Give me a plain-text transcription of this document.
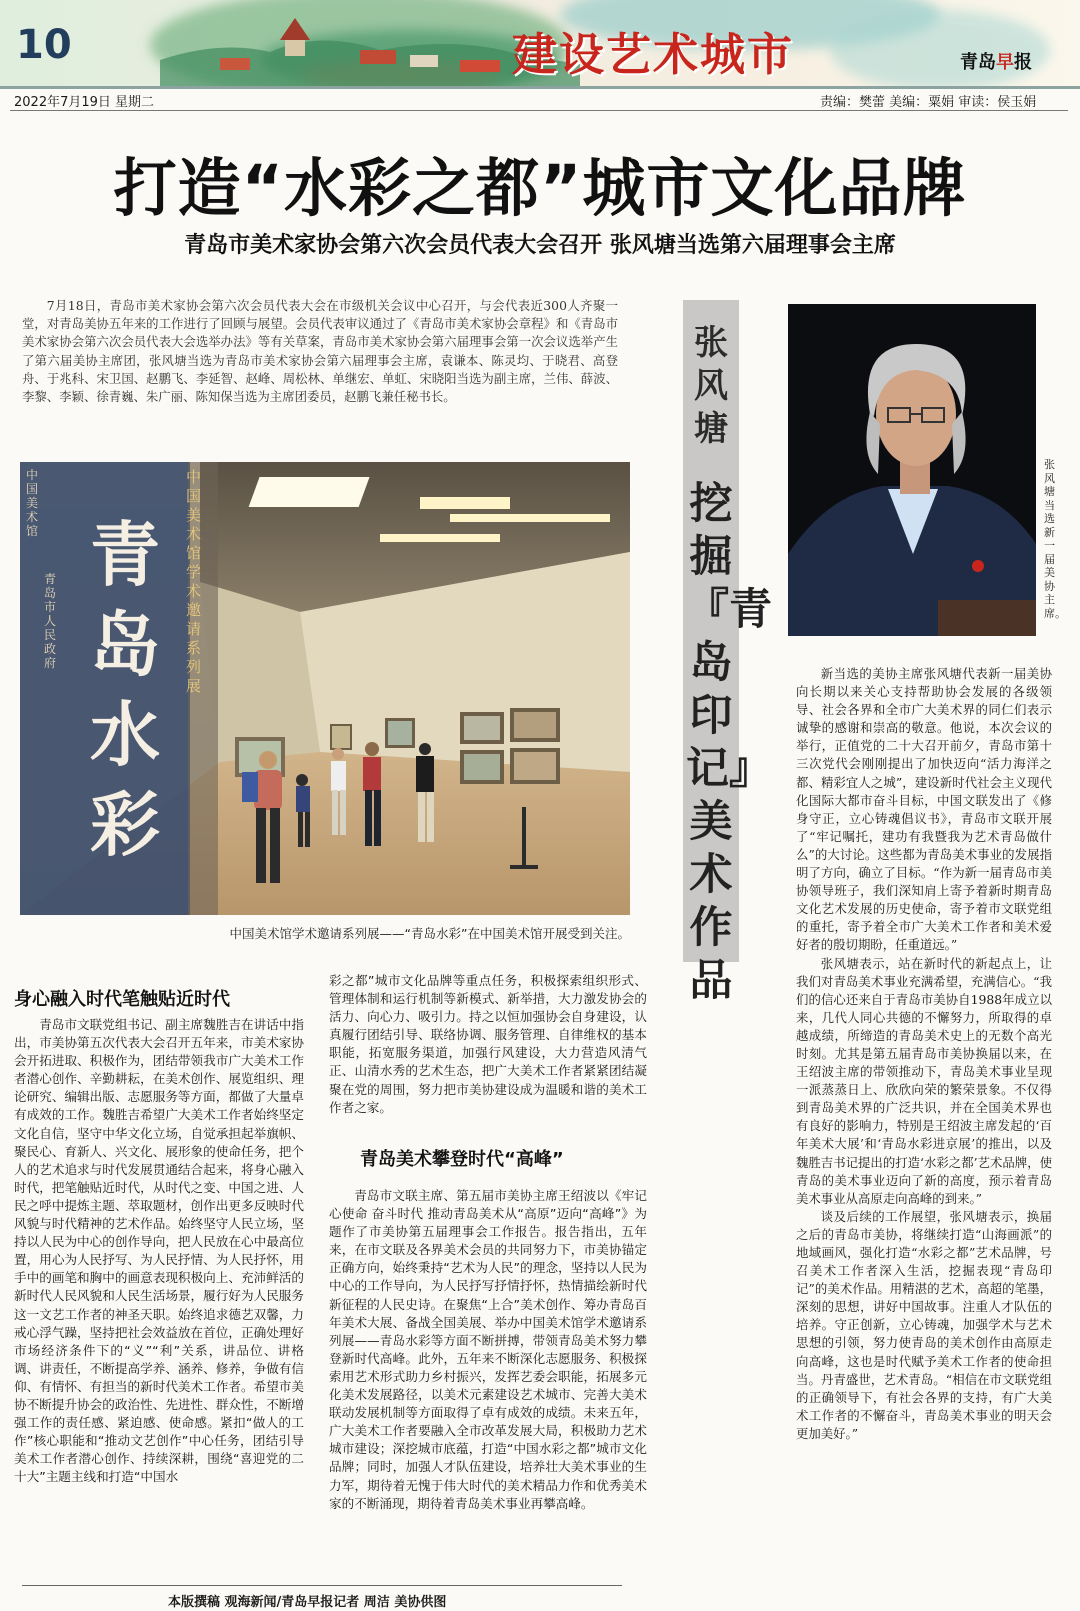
10	建设艺术城市	青岛早报
2022年7月19日 星期二	责编：樊蕾 美编：粟娟 审读：侯玉娟
打造“水彩之都”城市文化品牌
青岛市美术家协会第六次会员代表大会召开 张风塘当选第六届理事会主席

7月18日，青岛市美术家协会第六次会员代表大会在市级机关会议中心召开，与会代表近300人齐聚一堂，对青岛美协五年来的工作进行了回顾与展望。会员代表审议通过了《青岛市美术家协会章程》和《青岛市美术家协会第六次会员代表大会选举办法》等有关草案，青岛市美术家协会第六届理事会第一次会议选举产生了第六届美协主席团，张风塘当选为青岛市美术家协会第六届理事会主席，袁谦本、陈灵均、于晓君、高登舟、于兆科、宋卫国、赵鹏飞、李延智、赵峰、周松林、单继宏、单虹、宋晓阳当选为副主席，兰伟、薛波、李黎、李颖、徐青巍、朱广丽、陈知保当选为主席团委员，赵鹏飞兼任秘书长。

中国美术馆
青岛市人民政府
青岛水彩
中国美术馆学术邀请系列展
中国美术馆学术邀请系列展——“青岛水彩”在中国美术馆开展受到关注。
张风塘
挖掘『青岛印记』美术作品
张风塘当选新一届美协主席。

新当选的美协主席张风塘代表新一届美协向长期以来关心支持帮助协会发展的各级领导、社会各界和全市广大美术界的同仁们表示诚挚的感谢和崇高的敬意。他说，本次会议的举行，正值党的二十大召开前夕，青岛市第十三次党代会刚刚提出了加快迈向“活力海洋之都、精彩宜人之城”，建设新时代社会主义现代化国际大都市奋斗目标，中国文联发出了《修身守正，立心铸魂倡议书》，青岛市文联开展了“牢记嘱托，建功有我暨我为艺术青岛做什么”的大讨论。这些都为青岛美术事业的发展指明了方向，确立了目标。“作为新一届青岛市美协领导班子，我们深知肩上寄予着新时期青岛文化艺术发展的历史使命，寄予着市文联党组的重托，寄予着全市广大美术工作者和美术爱好者的殷切期盼，任重道远。”

张风塘表示，站在新时代的新起点上，让我们对青岛美术事业充满希望，充满信心。“我们的信心还来自于青岛市美协自1988年成立以来，几代人同心共德的不懈努力，所取得的卓越成绩，所缔造的青岛美术史上的无数个高光时刻。尤其是第五届青岛市美协换届以来，在王绍波主席的带领推动下，青岛美术事业呈现一派蒸蒸日上、欣欣向荣的繁荣景象。不仅得到青岛美术界的广泛共识，并在全国美术界也有良好的影响力，特别是王绍波主席发起的‘百年美术大展’和‘青岛水彩进京展’的推出，以及魏胜吉书记提出的打造‘水彩之都’艺术品牌，使青岛的美术事业迈向了新的高度，预示着青岛美术事业从高原走向高峰的到来。”

谈及后续的工作展望，张风塘表示，换届之后的青岛市美协，将继续打造“山海画派”的地域画风，强化打造“水彩之都”艺术品牌，号召美术工作者深入生活，挖掘表现“青岛印记”的美术作品。用精湛的艺术，高超的笔墨，深刻的思想，讲好中国故事。注重人才队伍的培养。守正创新，立心铸魂，加强学术与艺术思想的引领，努力使青岛的美术创作由高原走向高峰，这也是时代赋予美术工作者的使命担当。丹青盛世，艺术青岛。“相信在市文联党组的正确领导下，有社会各界的支持，有广大美术工作者的不懈奋斗，青岛美术事业的明天会更加美好。”

身心融入时代笔触贴近时代

青岛市文联党组书记、副主席魏胜吉在讲话中指出，市美协第五次代表大会召开五年来，市美术家协会开拓进取、积极作为，团结带领我市广大美术工作者潜心创作、辛勤耕耘，在美术创作、展览组织、理论研究、编辑出版、志愿服务等方面，都做了大量卓有成效的工作。魏胜吉希望广大美术工作者始终坚定文化自信，坚守中华文化立场，自觉承担起举旗帜、聚民心、育新人、兴文化、展形象的使命任务，把个人的艺术追求与时代发展贯通结合起来，将身心融入时代，把笔触贴近时代，从时代之变、中国之进、人民之呼中提炼主题、萃取题材，创作出更多反映时代风貌与时代精神的艺术作品。始终坚守人民立场，坚持以人民为中心的创作导向，把人民放在心中最高位置，用心为人民抒写、为人民抒情、为人民抒怀，用手中的画笔和胸中的画意表现积极向上、充沛鲜活的新时代人民风貌和人民生活场景，履行好为人民服务这一文艺工作者的神圣天职。始终追求德艺双馨，力戒心浮气躁，坚持把社会效益放在首位，正确处理好市场经济条件下的“义”“利”关系，讲品位、讲格调、讲责任，不断提高学养、涵养、修养，争做有信仰、有情怀、有担当的新时代美术工作者。希望市美协不断提升协会的政治性、先进性、群众性，不断增强工作的责任感、紧迫感、使命感。紧扣“做人的工作”核心职能和“推动文艺创作”中心任务，团结引导美术工作者潜心创作、持续深耕，围绕“喜迎党的二十大”主题主线和打造“中国水

彩之都”城市文化品牌等重点任务，积极探索组织形式、管理体制和运行机制等新模式、新举措，大力激发协会的活力、向心力、吸引力。持之以恒加强协会自身建设，认真履行团结引导、联络协调、服务管理、自律维权的基本职能，拓宽服务渠道，加强行风建设，大力营造风清气正、山清水秀的艺术生态，把广大美术工作者紧紧团结凝聚在党的周围，努力把市美协建设成为温暖和谐的美术工作者之家。

青岛美术攀登时代“高峰”

青岛市文联主席、第五届市美协主席王绍波以《牢记心使命 奋斗时代 推动青岛美术从“高原”迈向“高峰”》为题作了市美协第五届理事会工作报告。报告指出，五年来，在市文联及各界美术会员的共同努力下，市美协锚定正确方向，始终秉持“艺术为人民”的理念，坚持以人民为中心的工作导向，为人民抒写抒情抒怀，热情描绘新时代新征程的人民史诗。在聚焦“上合”美术创作、筹办青岛百年美术大展、备战全国美展、举办中国美术馆学术邀请系列展——青岛水彩等方面不断拼搏，带领青岛美术努力攀登新时代高峰。此外，五年来不断深化志愿服务、积极探索用艺术形式助力乡村振兴，发挥艺委会职能，拓展多元化美术发展路径，以美术元素建设艺术城市、完善大美术联动发展机制等方面取得了卓有成效的成绩。未来五年，广大美术工作者要融入全市改革发展大局，积极助力艺术城市建设；深挖城市底蕴，打造“中国水彩之都”城市文化品牌；同时，加强人才队伍建设，培养壮大美术事业的生力军，期待着无愧于伟大时代的美术精品力作和优秀美术家的不断涌现，期待着青岛美术事业再攀高峰。

本版撰稿 观海新闻/青岛早报记者 周洁 美协供图
